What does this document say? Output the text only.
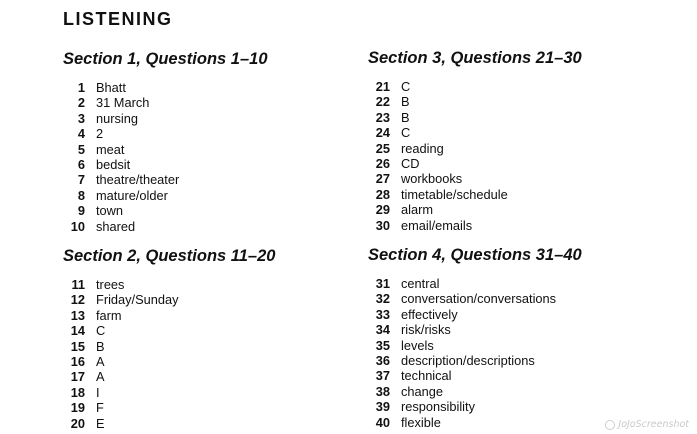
LISTENING
Section 1, Questions 1–10
1 Bhatt
2 31 March
3 nursing
4 2
5 meat
6 bedsit
7 theatre/theater
8 mature/older
9 town
10 shared
Section 2, Questions 11–20
11 trees
12 Friday/Sunday
13 farm
14 C
15 B
16 A
17 A
18 I
19 F
20 E
Section 3, Questions 21–30
21 C
22 B
23 B
24 C
25 reading
26 CD
27 workbooks
28 timetable/schedule
29 alarm
30 email/emails
Section 4, Questions 31–40
31 central
32 conversation/conversations
33 effectively
34 risk/risks
35 levels
36 description/descriptions
37 technical
38 change
39 responsibility
40 flexible	JoJoScreenshot
